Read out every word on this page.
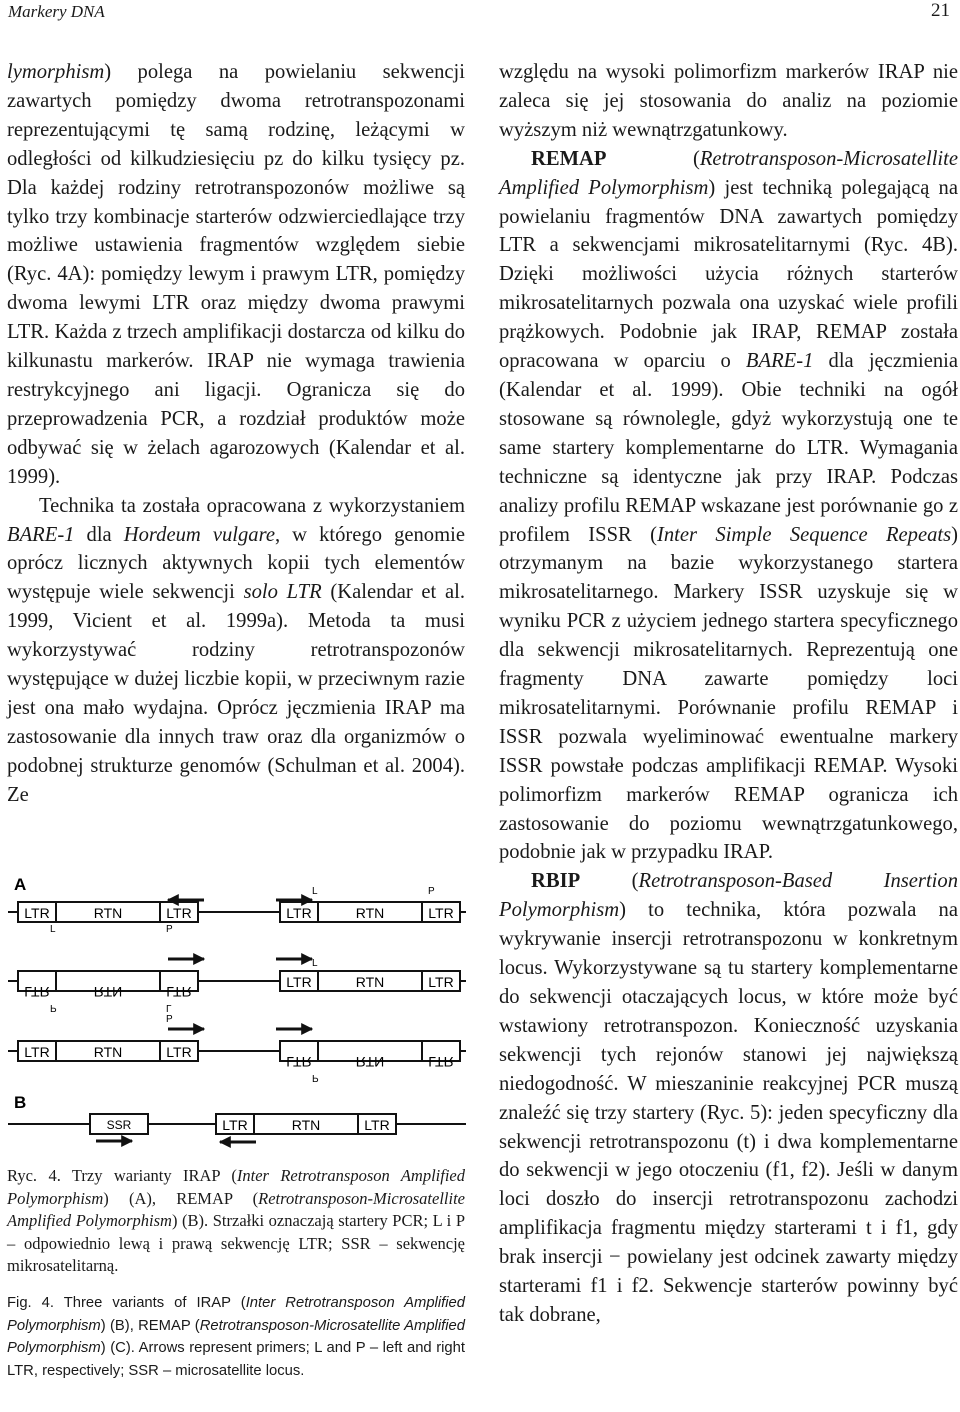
Markery DNA	21

lymorphism) polega na powielaniu sekwencji zawartych pomiędzy dwoma retrotranspozonami reprezentującymi tę samą rodzinę, leżącymi w odległości od kilkudziesięciu pz do kilku tysięcy pz. Dla każdej rodziny retrotranspozonów możliwe są tylko trzy kombinacje starterów odzwierciedlające trzy możliwe ustawienia fragmentów względem siebie (Ryc. 4A): pomiędzy lewym i prawym LTR, pomiędzy dwoma lewymi LTR oraz między dwoma prawymi LTR. Każda z trzech amplifikacji dostarcza od kilku do kilkunastu markerów. IRAP nie wymaga trawienia restrykcyjnego ani ligacji. Ogranicza się do przeprowadzenia PCR, a rozdział produktów może odbywać się w żelach agarozowych (Kalendar et al. 1999).

Technika ta została opracowana z wykorzystaniem BARE-1 dla Hordeum vulgare, w którego genomie oprócz licznych aktywnych kopii tych elementów występuje wiele sekwencji solo LTR (Kalendar et al. 1999, Vicient et al. 1999a). Metoda ta musi wykorzystywać rodziny retrotranspozonów występujące w dużej liczbie kopii, w przeciwnym razie jest ona mało wydajna. Oprócz jęczmienia IRAP ma zastosowanie dla innych traw oraz dla organizmów o podobnej strukturze genomów (Schulman et al. 2004). Ze

A
LTR	RTN	LTR	LTR	RTN	LTR
L	P
L	P
LTR	RTN	LTR
LTR	RTN	LTR
P	L
L
P
LTR	RTN	LTR
LTR	RTN	LTR
P
B
SSR	LTR	RTN	LTR

Ryc. 4. Trzy warianty IRAP (Inter Retrotransposon Amplified Polymorphism) (A), REMAP (Retrotransposon-Microsatellite Amplified Polymorphism) (B). Strzałki oznaczają startery PCR; L i P – odpowiednio lewą i prawą sekwencję LTR; SSR – sekwencję mikrosatelitarną.

Fig. 4. Three variants of IRAP (Inter Retrotransposon Amplified Polymorphism) (B), REMAP (Retrotransposon-Microsatellite Amplified Polymorphism) (C). Arrows represent primers; L and P – left and right LTR, respectively; SSR – microsatellite locus.

względu na wysoki polimorfizm markerów IRAP nie zaleca się jej stosowania do analiz na poziomie wyższym niż wewnątrzgatunkowy.

REMAP (Retrotransposon-Microsatellite Amplified Polymorphism) jest techniką polegającą na powielaniu fragmentów DNA zawartych pomiędzy LTR a sekwencjami mikrosatelitarnymi (Ryc. 4B). Dzięki możliwości użycia różnych starterów mikrosatelitarnych pozwala ona uzyskać wiele profili prążkowych. Podobnie jak IRAP, REMAP została opracowana w oparciu o BARE-1 dla jęczmienia (Kalendar et al. 1999). Obie techniki na ogół stosowane są równolegle, gdyż wykorzystują one te same startery komplementarne do LTR. Wymagania techniczne są identyczne jak przy IRAP. Podczas analizy profilu REMAP wskazane jest porównanie go z profilem ISSR (Inter Simple Sequence Repeats) otrzymanym na bazie wykorzystanego startera mikrosatelitarnego. Markery ISSR uzyskuje się w wyniku PCR z użyciem jednego startera specyficznego dla sekwencji mikrosatelitarnych. Reprezentują one fragmenty DNA zawarte pomiędzy loci mikrosatelitarnymi. Porównanie profilu REMAP i ISSR pozwala wyeliminować ewentualne markery ISSR powstałe podczas amplifikacji REMAP. Wysoki polimorfizm markerów REMAP ogranicza ich zastosowanie do poziomu wewnątrzgatunkowego, podobnie jak w przypadku IRAP.

RBIP (Retrotransposon-Based Insertion Polymorphism) to technika, która pozwala na wykrywanie insercji retrotranspozonu w konkretnym locus. Wykorzystywane są tu startery komplementarne do sekwencji otaczających locus, w które może być wstawiony retrotranspozon. Konieczność uzyskania sekwencji tych rejonów stanowi jej największą niedogodność. W mieszaninie reakcyjnej PCR muszą znaleźć się trzy startery (Ryc. 5): jeden specyficzny dla sekwencji retrotranspozonu (t) i dwa komplementarne do sekwencji w jego otoczeniu (f1, f2). Jeśli w danym loci doszło do insercji retrotranspozonu zachodzi amplifikacja fragmentu między starterami t i f1, gdy brak insercji − powielany jest odcinek zawarty między starterami f1 i f2. Sekwencje starterów powinny być tak dobrane,
